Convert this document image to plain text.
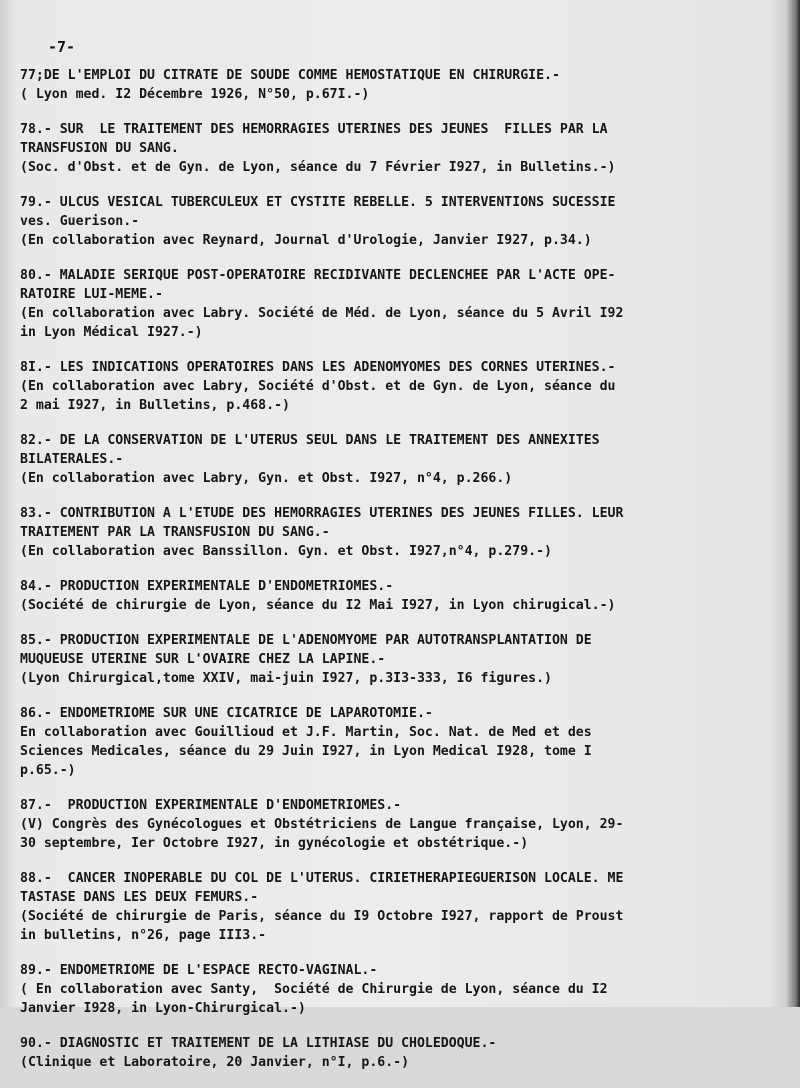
-7-
77;DE L'EMPLOI DU CITRATE DE SOUDE COMME HEMOSTATIQUE EN CHIRURGIE.-
( Lyon med. I2 Décembre 1926, N°50, p.67I.-)
78.- SUR  LE TRAITEMENT DES HEMORRAGIES UTERINES DES JEUNES  FILLES PAR LA
TRANSFUSION DU SANG.
(Soc. d'Obst. et de Gyn. de Lyon, séance du 7 Février I927, in Bulletins.-)
79.- ULCUS VESICAL TUBERCULEUX ET CYSTITE REBELLE. 5 INTERVENTIONS SUCESSIE
ves. Guerison.-
(En collaboration avec Reynard, Journal d'Urologie, Janvier I927, p.34.)
80.- MALADIE SERIQUE POST-OPERATOIRE RECIDIVANTE DECLENCHEE PAR L'ACTE OPE-
RATOIRE LUI-MEME.-
(En collaboration avec Labry. Société de Méd. de Lyon, séance du 5 Avril I92
in Lyon Médical I927.-)
8I.- LES INDICATIONS OPERATOIRES DANS LES ADENOMYOMES DES CORNES UTERINES.-
(En collaboration avec Labry, Société d'Obst. et de Gyn. de Lyon, séance du
2 mai I927, in Bulletins, p.468.-)
82.- DE LA CONSERVATION DE L'UTERUS SEUL DANS LE TRAITEMENT DES ANNEXITES
BILATERALES.-
(En collaboration avec Labry, Gyn. et Obst. I927, n°4, p.266.)
83.- CONTRIBUTION A L'ETUDE DES HEMORRAGIES UTERINES DES JEUNES FILLES. LEUR
TRAITEMENT PAR LA TRANSFUSION DU SANG.-
(En collaboration avec Banssillon. Gyn. et Obst. I927,n°4, p.279.-)
84.- PRODUCTION EXPERIMENTALE D'ENDOMETRIOMES.-
(Société de chirurgie de Lyon, séance du I2 Mai I927, in Lyon chirugical.-)
85.- PRODUCTION EXPERIMENTALE DE L'ADENOMYOME PAR AUTOTRANSPLANTATION DE
MUQUEUSE UTERINE SUR L'OVAIRE CHEZ LA LAPINE.-
(Lyon Chirurgical,tome XXIV, mai-juin I927, p.3I3-333, I6 figures.)
86.- ENDOMETRIOME SUR UNE CICATRICE DE LAPAROTOMIE.-
En collaboration avec Gouillioud et J.F. Martin, Soc. Nat. de Med et des
Sciences Medicales, séance du 29 Juin I927, in Lyon Medical I928, tome I
p.65.-)
87.-  PRODUCTION EXPERIMENTALE D'ENDOMETRIOMES.-
(V) Congrès des Gynécologues et Obstétriciens de Langue française, Lyon, 29-
30 septembre, Ier Octobre I927, in gynécologie et obstétrique.-)
88.-  CANCER INOPERABLE DU COL DE L'UTERUS. CIRIETHERAPIEGUERISON LOCALE. ME
TASTASE DANS LES DEUX FEMURS.-
(Société de chirurgie de Paris, séance du I9 Octobre I927, rapport de Proust
in bulletins, n°26, page III3.-
89.- ENDOMETRIOME DE L'ESPACE RECTO-VAGINAL.-
( En collaboration avec Santy,  Société de Chirurgie de Lyon, séance du I2
Janvier I928, in Lyon-Chirurgical.-)
90.- DIAGNOSTIC ET TRAITEMENT DE LA LITHIASE DU CHOLEDOQUE.-
(Clinique et Laboratoire, 20 Janvier, n°I, p.6.-)
